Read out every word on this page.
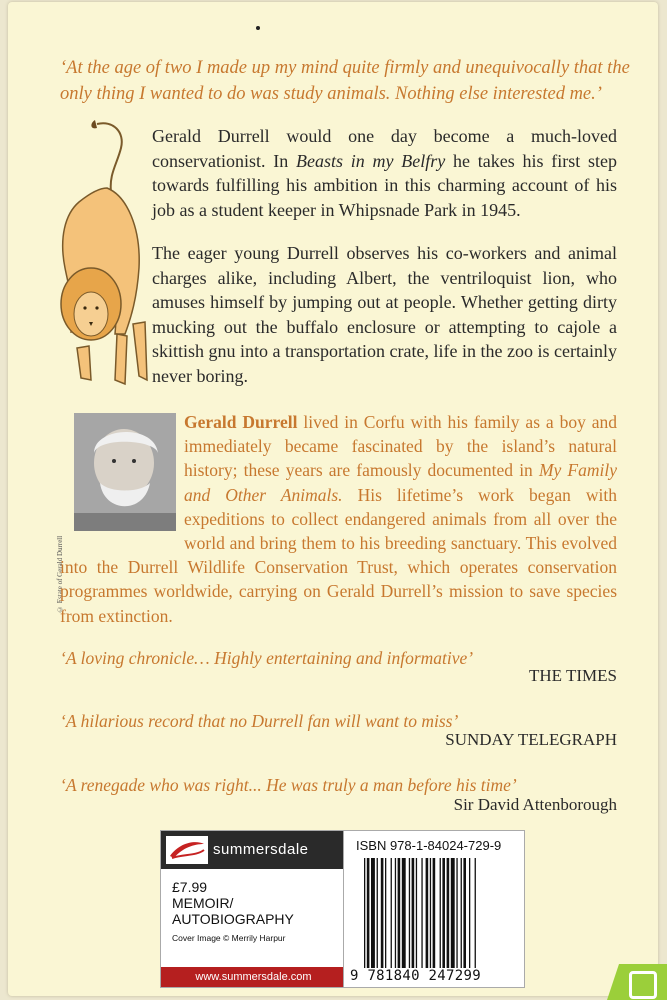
‘At the age of two I made up my mind quite firmly and unequivocally that the only thing I wanted to do was study animals. Nothing else interested me.’
Gerald Durrell would one day become a much-loved conservationist. In Beasts in my Belfry he takes his first step towards fulfilling his ambition in this charming account of his job as a student keeper in Whipsnade Park in 1945.
The eager young Durrell observes his co-workers and animal charges alike, including Albert, the ventriloquist lion, who amuses himself by jumping out at people. Whether getting dirty mucking out the buffalo enclosure or attempting to cajole a skittish gnu into a transportation crate, life in the zoo is certainly never boring.
© Estate of Gerald Durrell
Gerald Durrell lived in Corfu with his family as a boy and immediately became fascinated by the island’s natural history; these years are famously documented in My Family and Other Animals. His lifetime’s work began with expeditions to collect endangered animals from all over the world and bring them to his breeding sanctuary. This evolved into the Durrell Wildlife Conservation Trust, which operates conservation programmes worldwide, carrying on Gerald Durrell’s mission to save species from extinction.
‘A loving chronicle… Highly entertaining and informative’
THE TIMES
‘A hilarious record that no Durrell fan will want to miss’
SUNDAY TELEGRAPH
‘A renegade who was right... He was truly a man before his time’
Sir David Attenborough
summersdale
£7.99
MEMOIR/
AUTOBIOGRAPHY
Cover Image © Merrily Harpur
www.summersdale.com
ISBN 978-1-84024-729-9
9 781840 247299
